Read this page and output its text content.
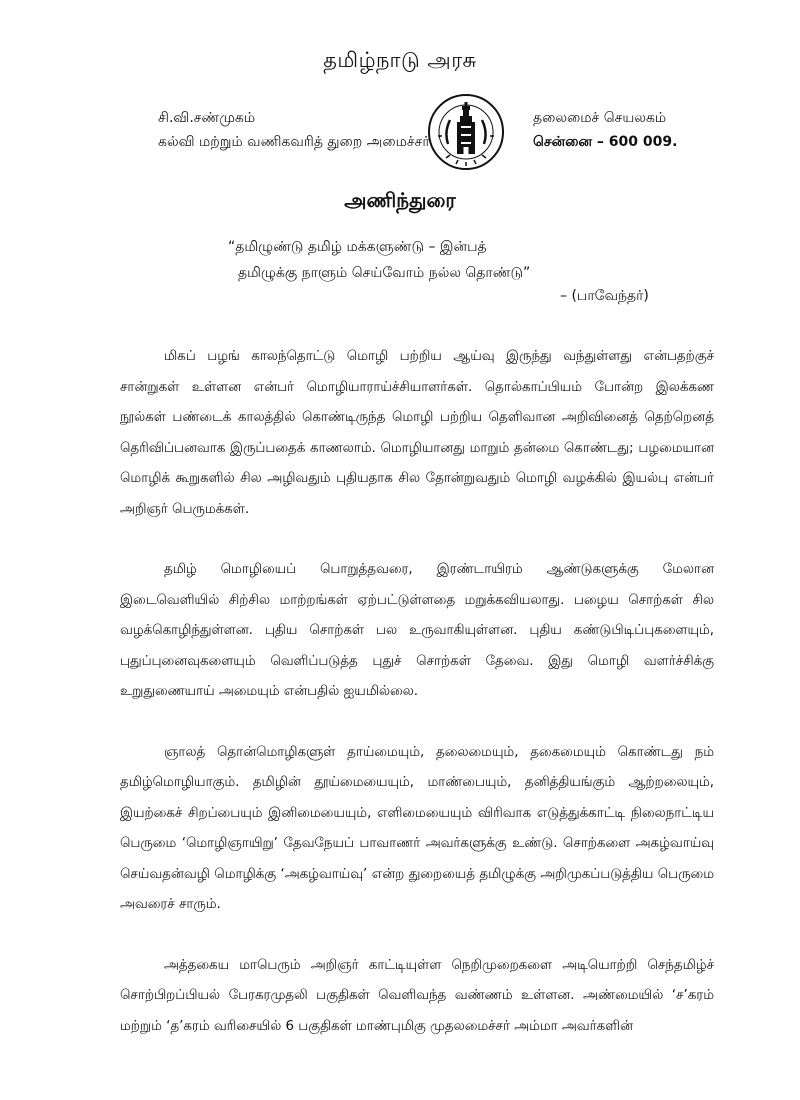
தமிழ்நாடு அரசு
சி.வி.சண்முகம்
கல்வி மற்றும் வணிகவரித் துறை அமைச்சர்
தலைமைச் செயலகம்
சென்னை – 600 009.
அணிந்துரை
“தமிழுண்டு தமிழ் மக்களுண்டு – இன்பத்
தமிழுக்கு நாளும் செய்வோம் நல்ல தொண்டு”
– (பாவேந்தர்)

மிகப் பழங் காலந்தொட்டு மொழி பற்றிய ஆய்வு இருந்து வந்துள்ளது என்பதற்குச் சான்றுகள் உள்ளன என்பர் மொழியாராய்ச்சியாளர்கள். தொல்காப்பியம் போன்ற இலக்கண நூல்கள் பண்டைக் காலத்தில் கொண்டிருந்த மொழி பற்றிய தெளிவான அறிவினைத் தெற்றெனத் தெரிவிப்பனவாக இருப்பதைக் காணலாம். மொழியானது மாறும் தன்மை கொண்டது; பழமையான மொழிக் கூறுகளில் சில அழிவதும் புதியதாக சில தோன்றுவதும் மொழி வழக்கில் இயல்பு என்பர் அறிஞர் பெருமக்கள்.

தமிழ் மொழியைப் பொறுத்தவரை, இரண்டாயிரம் ஆண்டுகளுக்கு மேலான இடைவெளியில் சிற்சில மாற்றங்கள் ஏற்பட்டுள்ளதை மறுக்கவியலாது. பழைய சொற்கள் சில வழக்கொழிந்துள்ளன. புதிய சொற்கள் பல உருவாகியுள்ளன. புதிய கண்டுபிடிப்புகளையும், புதுப்புனைவுகளையும் வெளிப்படுத்த புதுச் சொற்கள் தேவை. இது மொழி வளர்ச்சிக்கு உறுதுணையாய் அமையும் என்பதில் ஐயமில்லை.

ஞாலத் தொன்மொழிகளுள் தாய்மையும், தலைமையும், தகைமையும் கொண்டது நம் தமிழ்மொழியாகும். தமிழின் தூய்மையையும், மாண்பையும், தனித்தியங்கும் ஆற்றலையும், இயற்கைச் சிறப்பையும் இனிமையையும், எளிமையையும் விரிவாக எடுத்துக்காட்டி நிலைநாட்டிய பெருமை ‘மொழிஞாயிறு’ தேவநேயப் பாவாணர் அவர்களுக்கு உண்டு. சொற்களை அகழ்வாய்வு செய்வதன்வழி மொழிக்கு ‘அகழ்வாய்வு’ என்ற துறையைத் தமிழுக்கு அறிமுகப்படுத்திய பெருமை அவரைச் சாரும்.

அத்தகைய மாபெரும் அறிஞர் காட்டியுள்ள நெறிமுறைகளை அடியொற்றி செந்தமிழ்ச் சொற்பிறப்பியல் பேரகரமுதலி பகுதிகள் வெளிவந்த வண்ணம் உள்ளன. அண்மையில் ‘ச’கரம் மற்றும் ‘த’கரம் வரிசையில் 6 பகுதிகள் மாண்புமிகு முதலமைச்சர் அம்மா அவர்களின்
